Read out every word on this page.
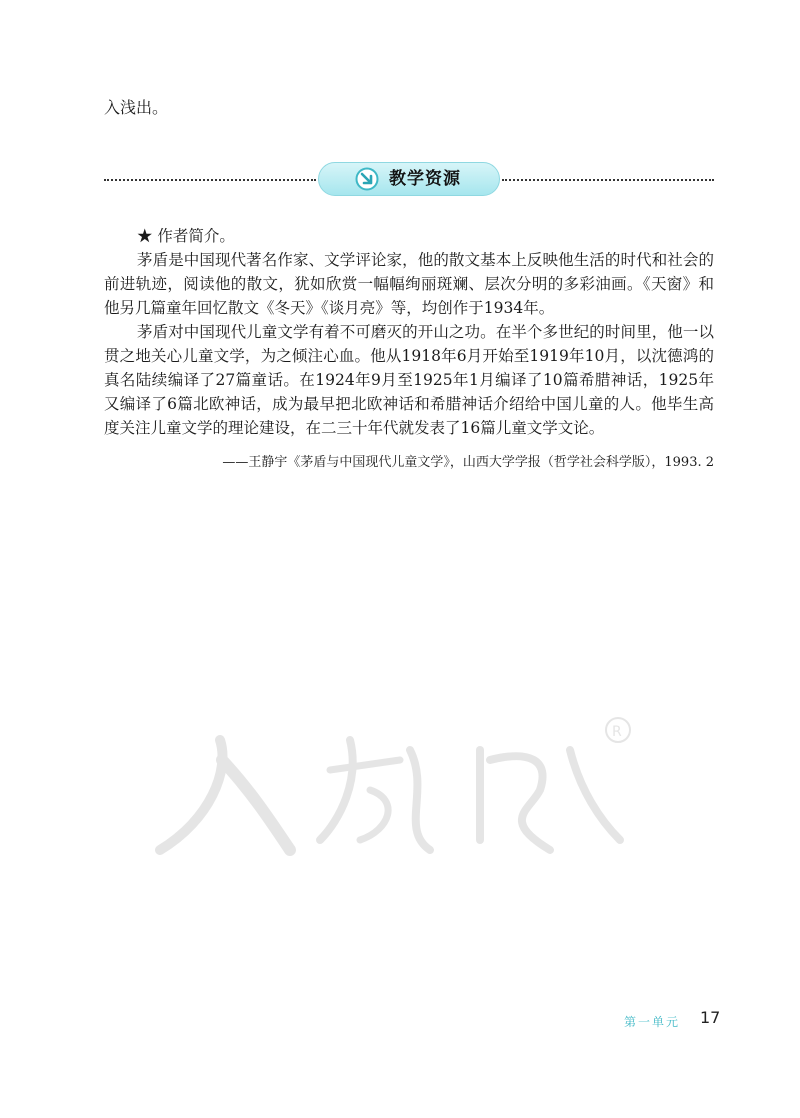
入浅出。
教学资源

★ 作者简介。

茅盾是中国现代著名作家、文学评论家，他的散文基本上反映他生活的时代和社会的前进轨迹，阅读他的散文，犹如欣赏一幅幅绚丽斑斓、层次分明的多彩油画。《天窗》和他另几篇童年回忆散文《冬天》《谈月亮》等，均创作于1934年。

茅盾对中国现代儿童文学有着不可磨灭的开山之功。在半个多世纪的时间里，他一以贯之地关心儿童文学，为之倾注心血。他从1918年6月开始至1919年10月，以沈德鸿的真名陆续编译了27篇童话。在1924年9月至1925年1月编译了10篇希腊神话，1925年又编译了6篇北欧神话，成为最早把北欧神话和希腊神话介绍给中国儿童的人。他毕生高度关注儿童文学的理论建设，在二三十年代就发表了16篇儿童文学文论。

——王静宇《茅盾与中国现代儿童文学》，山西大学学报（哲学社会科学版），1993. 2
R
第一单元 17
